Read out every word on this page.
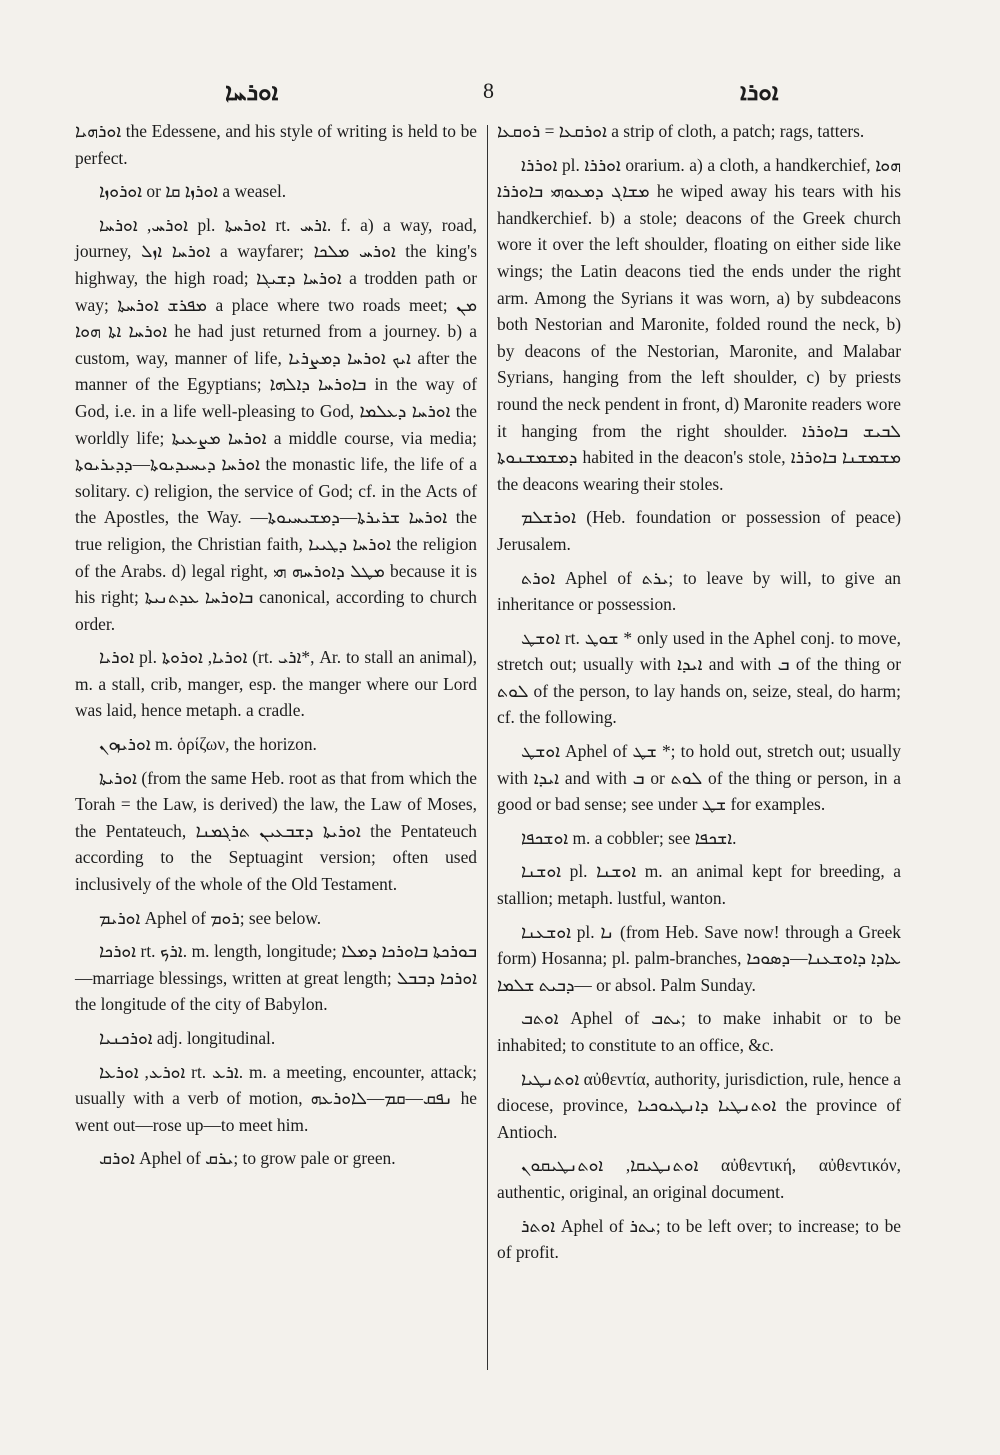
ܐܘܪܚܐ	8	ܐܘܪܐ

ܐܘܪܗܝܐ the Edessene, and his style of writing is held to be perfect.

ܐܘܪܘܙܐ or ܐܘܪܙܐ ܩܐ a weasel.

ܐܘܪܚ, ܐܘܪܚܐ pl. ܐܘܪܚܬܐ rt. ܐܪܚ. f. a) a way, road, journey, ܐܘܪܚܐ ܐܙܠ a wayfarer; ܐܘܪܚ ܡܠܟܐ the king's highway, the high road; ܐܘܪܚܐ ܕܫܝܓܐ a trodden path or way; ܡܦܪܫ ܐܘܪܚܬܐ a place where two roads meet; ܡܢ ܐܘܪܚܐ ܐܬܐ ܗܘܐ he had just returned from a journey. b) a custom, way, manner of life, ܐܝܟ ܐܘܪܚܐ ܕܡܨܪܝܐ after the manner of the Egyptians; ܒܐܘܪܚܐ ܕܐܠܗܐ in the way of God, i.e. in a life well-pleasing to God, ܐܘܪܚܐ ܕܥܠܡܐ the worldly life; ܐܘܪܚܐ ܡܨܥܝܬܐ a middle course, via media; ܐܘܪܚܐ ܕܝܚܝܕܝܘܬܐ—ܕܕܝܪܝܘܬܐ the monastic life, the life of a solitary. c) religion, the service of God; cf. in the Acts of the Apostles, the Way. —ܐܘܪܚܐ ܫܪܝܪܬܐ—ܕܡܫܝܚܝܘܬܐ the true religion, the Christian faith, ܐܘܪܚܐ ܕܛܝܝܐ the religion of the Arabs. d) legal right, ܡܛܠ ܕܐܘܪܚܗ ܗܝ because it is his right; ܒܐܘܪܚܐ ܥܕܬܢܝܬܐ canonical, according to church order.

ܐܘܪܝܐ pl. ܐܘܪܝܐ, ܐܘܪܘܬܐ (rt. ܐܪܝ*, Ar. to stall an animal), m. a stall, crib, manger, esp. the manger where our Lord was laid, hence metaph. a cradle.

ܐܘܪܝܙܘܢ m. ὁρίζων, the horizon.

ܐܘܪܝܬܐ (from the same Heb. root as that from which the Torah = the Law, is derived) the law, the Law of Moses, the Pentateuch, ܐܘܪܝܬܐ ܕܫܒܥܝܢ ܬܪܓܡܢܐ the Pentateuch according to the Septuagint version; often used inclusively of the whole of the Old Testament.

ܐܘܪܝܡ Aphel of ܪܘܡ; see below.

ܐܘܪܟܐ rt. ܐܪܟ. m. length, longitude; ܒܘܪܟܬܐ ܒܐܘܪܟܐ ܕܡܠܐ—marriage blessings, written at great length; ܐܘܪܟܐ ܕܒܒܠ the longitude of the city of Babylon.

ܐܘܪܟܢܝܐ adj. longitudinal.

ܐܘܪܥ, ܐܘܪܥܐ rt. ܐܪܥ. m. a meeting, encounter, attack; usually with a verb of motion, ܢܦܩ—ܩܡ—ܠܐܘܪܥܗ he went out—rose up—to meet him.

ܐܘܪܩ Aphel of ܝܪܩ; to grow pale or green.

ܐܘܪܩܥܐ = ܪܘܩܥܐ a strip of cloth, a patch; rags, tatters.

ܐܘܪܪܐ pl. ܐܘܪܪܐ orarium. a) a cloth, a handkerchief, ܗܘܐ ܡܫܐܓ ܕܡܥܘܗܝ ܒܐܘܪܪܐ he wiped away his tears with his handkerchief. b) a stole; deacons of the Greek church wore it over the left shoulder, floating on either side like wings; the Latin deacons tied the ends under the right arm. Among the Syrians it was worn, a) by subdeacons both Nestorian and Maronite, folded round the neck, b) by deacons of the Nestorian, Maronite, and Malabar Syrians, hanging from the left shoulder, c) by priests round the neck pendent in front, d) Maronite readers wore it hanging from the right shoulder. ܠܒܝܫ ܒܐܘܪܪܐ ܕܡܫܡܫܢܘܬܐ habited in the deacon's stole, ܡܫܡܫܢܐ ܒܐܘܪܪܐ the deacons wearing their stoles.

ܐܘܪܫܠܡ (Heb. foundation or possession of peace) Jerusalem.

ܐܘܪܬ Aphel of ܝܪܬ; to leave by will, to give an inheritance or possession.

ܐܘܫܛ rt. ܫܘܛ * only used in the Aphel conj. to move, stretch out; usually with ܐܝܕܐ and with ܒ of the thing or ܠܘܬ of the person, to lay hands on, seize, steal, do harm; cf. the following.

ܐܘܫܛ Aphel of ܫܛ *; to hold out, stretch out; usually with ܐܝܕܐ and with ܒ or ܠܘܬ of the thing or person, in a good or bad sense; see under ܫܛ for examples.

ܐܘܫܟܦܐ m. a cobbler; see ܐܫܟܦܐ.

ܐܘܫܢܐ pl. ܐܘܫܢܐ m. an animal kept for breeding, a stallion; metaph. lustful, wanton.

ܐܘܫܥܢܐ pl. ܢܐ (from Heb. Save now! through a Greek form) Hosanna; pl. palm-branches, ܥܐܕܐ ܕܐܘܫܥܢܐ—ܕܣܘܟܐ—ܕܒܝܬ ܫܠܡܐ or absol. Palm Sunday.

ܐܘܬܒ Aphel of ܝܬܒ; to make inhabit or to be inhabited; to constitute to an office, &c.

ܐܘܬܢܛܝܐ αὐθεντία, authority, jurisdiction, rule, hence a diocese, province, ܐܘܬܢܛܝܐ ܕܐܢܛܝܘܟܝܐ the province of Antioch.

ܐܘܬܢܛܝܩܐ, ܐܘܬܢܛܝܩܘܢ αὐθεντική, αὐθεντικόν, authentic, original, an original document.

ܐܘܬܪ Aphel of ܝܬܪ; to be left over; to increase; to be of profit.
